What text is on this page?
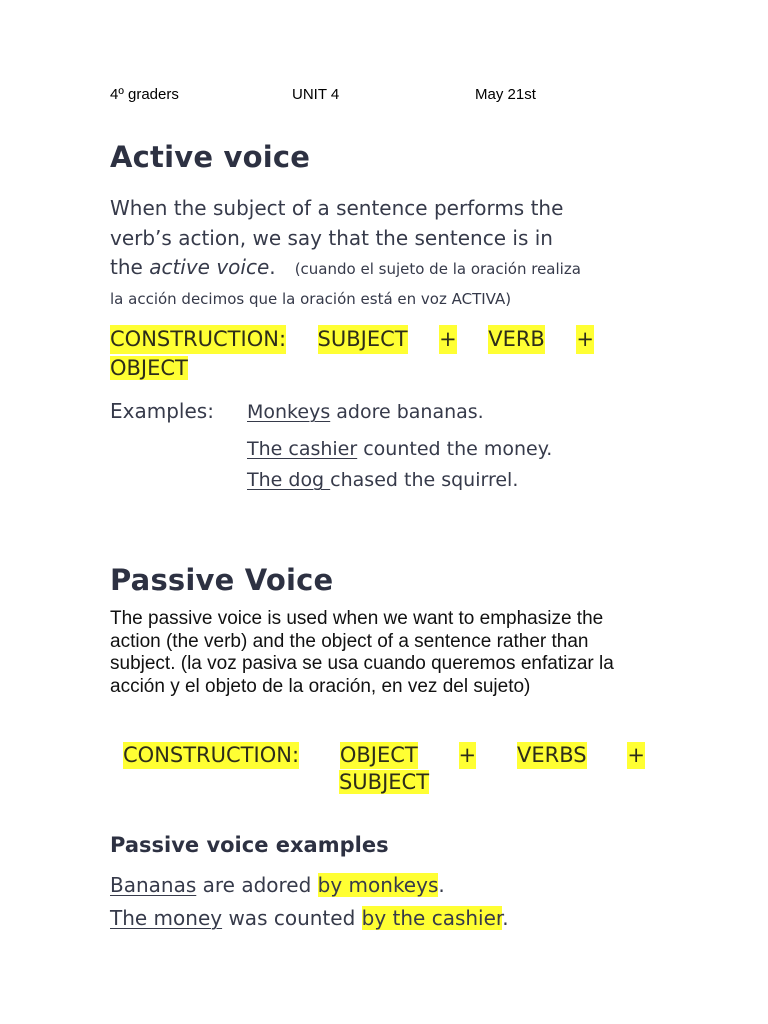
4º graders	UNIT 4	May 21st
Active voice
When the subject of a sentence performs the
verb’s action, we say that the sentence is in
the active voice. (cuando el sujeto de la oración realiza
la acción decimos que la oración está en voz ACTIVA)
CONSTRUCTION: SUBJECT + VERB +
OBJECT
Examples: Monkeys adore bananas.
The cashier counted the money.
The dog chased the squirrel.
Passive Voice
The passive voice is used when we want to emphasize the
action (the verb) and the object of a sentence rather than
subject. (la voz pasiva se usa cuando queremos enfatizar la
acción y el objeto de la oración, en vez del sujeto)
CONSTRUCTION: OBJECT + VERBS +
SUBJECT
Passive voice examples
Bananas are adored by monkeys.
The money was counted by the cashier.
